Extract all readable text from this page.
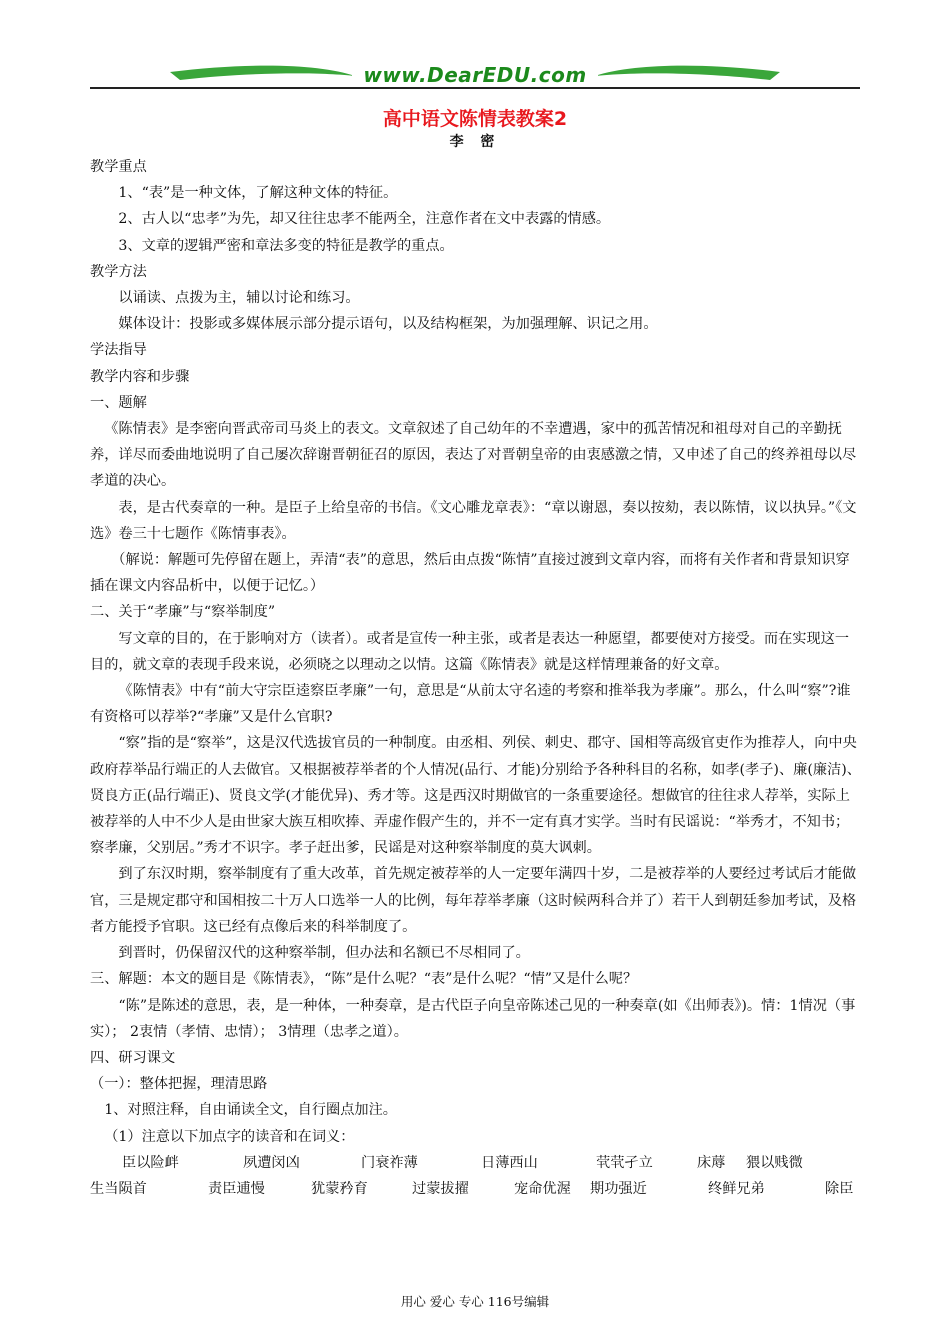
www.DearEDU.com
高中语文陈情表教案2
李 密

教学重点

1、“表”是一种文体，了解这种文体的特征。

2、古人以“忠孝”为先，却又往往忠孝不能两全，注意作者在文中表露的情感。

3、文章的逻辑严密和章法多变的特征是教学的重点。

教学方法

以诵读、点拨为主，辅以讨论和练习。

媒体设计：投影或多媒体展示部分提示语句，以及结构框架，为加强理解、识记之用。

学法指导

教学内容和步骤

一、题解

《陈情表》是李密向晋武帝司马炎上的表文。文章叙述了自己幼年的不幸遭遇，家中的孤苦情况和祖母对自己的辛勤抚养，详尽而委曲地说明了自己屡次辞谢晋朝征召的原因，表达了对晋朝皇帝的由衷感激之情，又申述了自己的终养祖母以尽孝道的决心。

表，是古代奏章的一种。是臣子上给皇帝的书信。《文心雕龙章表》：“章以谢恩，奏以按劾，表以陈情，议以执异。”《文选》卷三十七题作《陈情事表》。

（解说：解题可先停留在题上，弄清“表”的意思，然后由点拨“陈情”直接过渡到文章内容，而将有关作者和背景知识穿插在课文内容品析中，以便于记忆。）

二、关于“孝廉”与“察举制度”

写文章的目的，在于影响对方（读者）。或者是宣传一种主张，或者是表达一种愿望，都要使对方接受。而在实现这一目的，就文章的表现手段来说，必须晓之以理动之以情。这篇《陈情表》就是这样情理兼备的好文章。

《陈情表》中有“前大守宗臣逵察臣孝廉”一句，意思是“从前太守名逵的考察和推举我为孝廉”。那么，什么叫“察”?谁有资格可以荐举?“孝廉”又是什么官职?

“察”指的是“察举”，这是汉代选拔官员的一种制度。由丞相、列侯、刺史、郡守、国相等高级官吏作为推荐人，向中央政府荐举品行端正的人去做官。又根据被荐举者的个人情况(品行、才能)分别给予各种科目的名称，如孝(孝子)、廉(廉洁)、贤良方正(品行端正)、贤良文学(才能优异)、秀才等。这是西汉时期做官的一条重要途径。想做官的往往求人荐举，实际上被荐举的人中不少人是由世家大族互相吹捧、弄虚作假产生的，并不一定有真才实学。当时有民谣说：“举秀才，不知书；察孝廉，父别居。”秀才不识字。孝子赶出爹，民谣是对这种察举制度的莫大讽刺。

到了东汉时期，察举制度有了重大改革，首先规定被荐举的人一定要年满四十岁，二是被荐举的人要经过考试后才能做官，三是规定郡守和国相按二十万人口选举一人的比例，每年荐举孝廉（这时候两科合并了）若干人到朝廷参加考试，及格者方能授予官职。这已经有点像后来的科举制度了。

到晋时，仍保留汉代的这种察举制，但办法和名额已不尽相同了。

三、解题：本文的题目是《陈情表》，“陈”是什么呢？“表”是什么呢？“情”又是什么呢？

“陈”是陈述的意思，表，是一种体，一种奏章，是古代臣子向皇帝陈述己见的一种奏章(如《出师表》)。情：1情况（事实）； 2衷情（孝情、忠情）； 3情理（忠孝之道）。

四、研习课文

（一）：整体把握，理清思路

1、对照注释，自由诵读全文，自行圈点加注。

（1）注意以下加点字的读音和在词义：

臣以险衅	夙遭闵凶	门衰祚薄	日薄西山	茕茕孑立	床蓐 猥以贱微
生当陨首	责臣逋慢	犹蒙矜育	过蒙拔擢	宠命优渥 期功强近	终鲜兄弟	除臣
用心 爱心 专心 116号编辑
